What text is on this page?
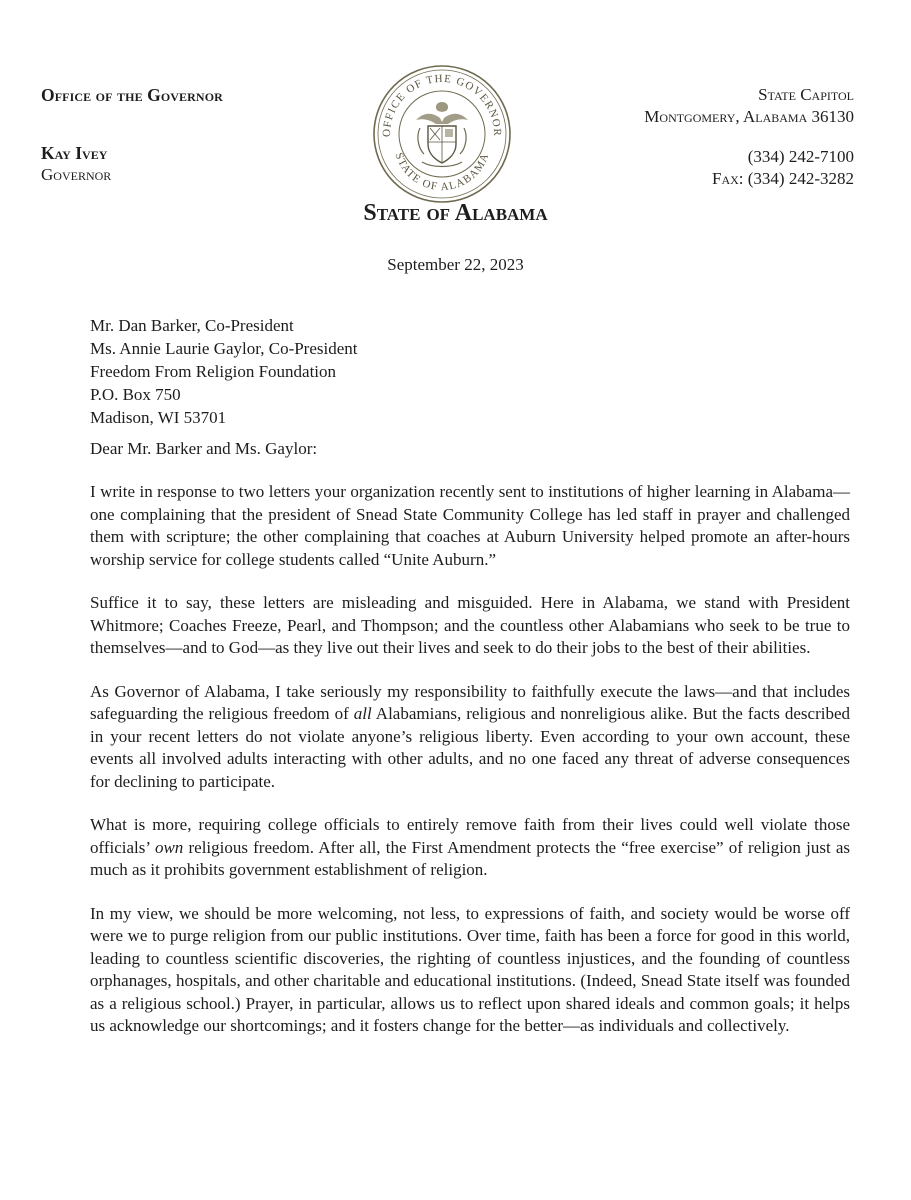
Office of the Governor
Kay Ivey
Governor
OFFICE OF THE GOVERNOR
STATE OF ALABAMA
State Capitol
Montgomery, Alabama 36130
(334) 242-7100
Fax: (334) 242-3282
State of Alabama
September 22, 2023
Mr. Dan Barker, Co-President
Ms. Annie Laurie Gaylor, Co-President
Freedom From Religion Foundation
P.O. Box 750
Madison, WI 53701
Dear Mr. Barker and Ms. Gaylor:

I write in response to two letters your organization recently sent to institutions of higher learning in Alabama—one complaining that the president of Snead State Community College has led staff in prayer and challenged them with scripture; the other complaining that coaches at Auburn University helped promote an after-hours worship service for college students called “Unite Auburn.”

Suffice it to say, these letters are misleading and misguided. Here in Alabama, we stand with President Whitmore; Coaches Freeze, Pearl, and Thompson; and the countless other Alabamians who seek to be true to themselves—and to God—as they live out their lives and seek to do their jobs to the best of their abilities.

As Governor of Alabama, I take seriously my responsibility to faithfully execute the laws—and that includes safeguarding the religious freedom of all Alabamians, religious and nonreligious alike. But the facts described in your recent letters do not violate anyone’s religious liberty. Even according to your own account, these events all involved adults interacting with other adults, and no one faced any threat of adverse consequences for declining to participate.

What is more, requiring college officials to entirely remove faith from their lives could well violate those officials’ own religious freedom. After all, the First Amendment protects the “free exercise” of religion just as much as it prohibits government establishment of religion.

In my view, we should be more welcoming, not less, to expressions of faith, and society would be worse off were we to purge religion from our public institutions. Over time, faith has been a force for good in this world, leading to countless scientific discoveries, the righting of countless injustices, and the founding of countless orphanages, hospitals, and other charitable and educational institutions. (Indeed, Snead State itself was founded as a religious school.) Prayer, in particular, allows us to reflect upon shared ideals and common goals; it helps us acknowledge our shortcomings; and it fosters change for the better—as individuals and collectively.
